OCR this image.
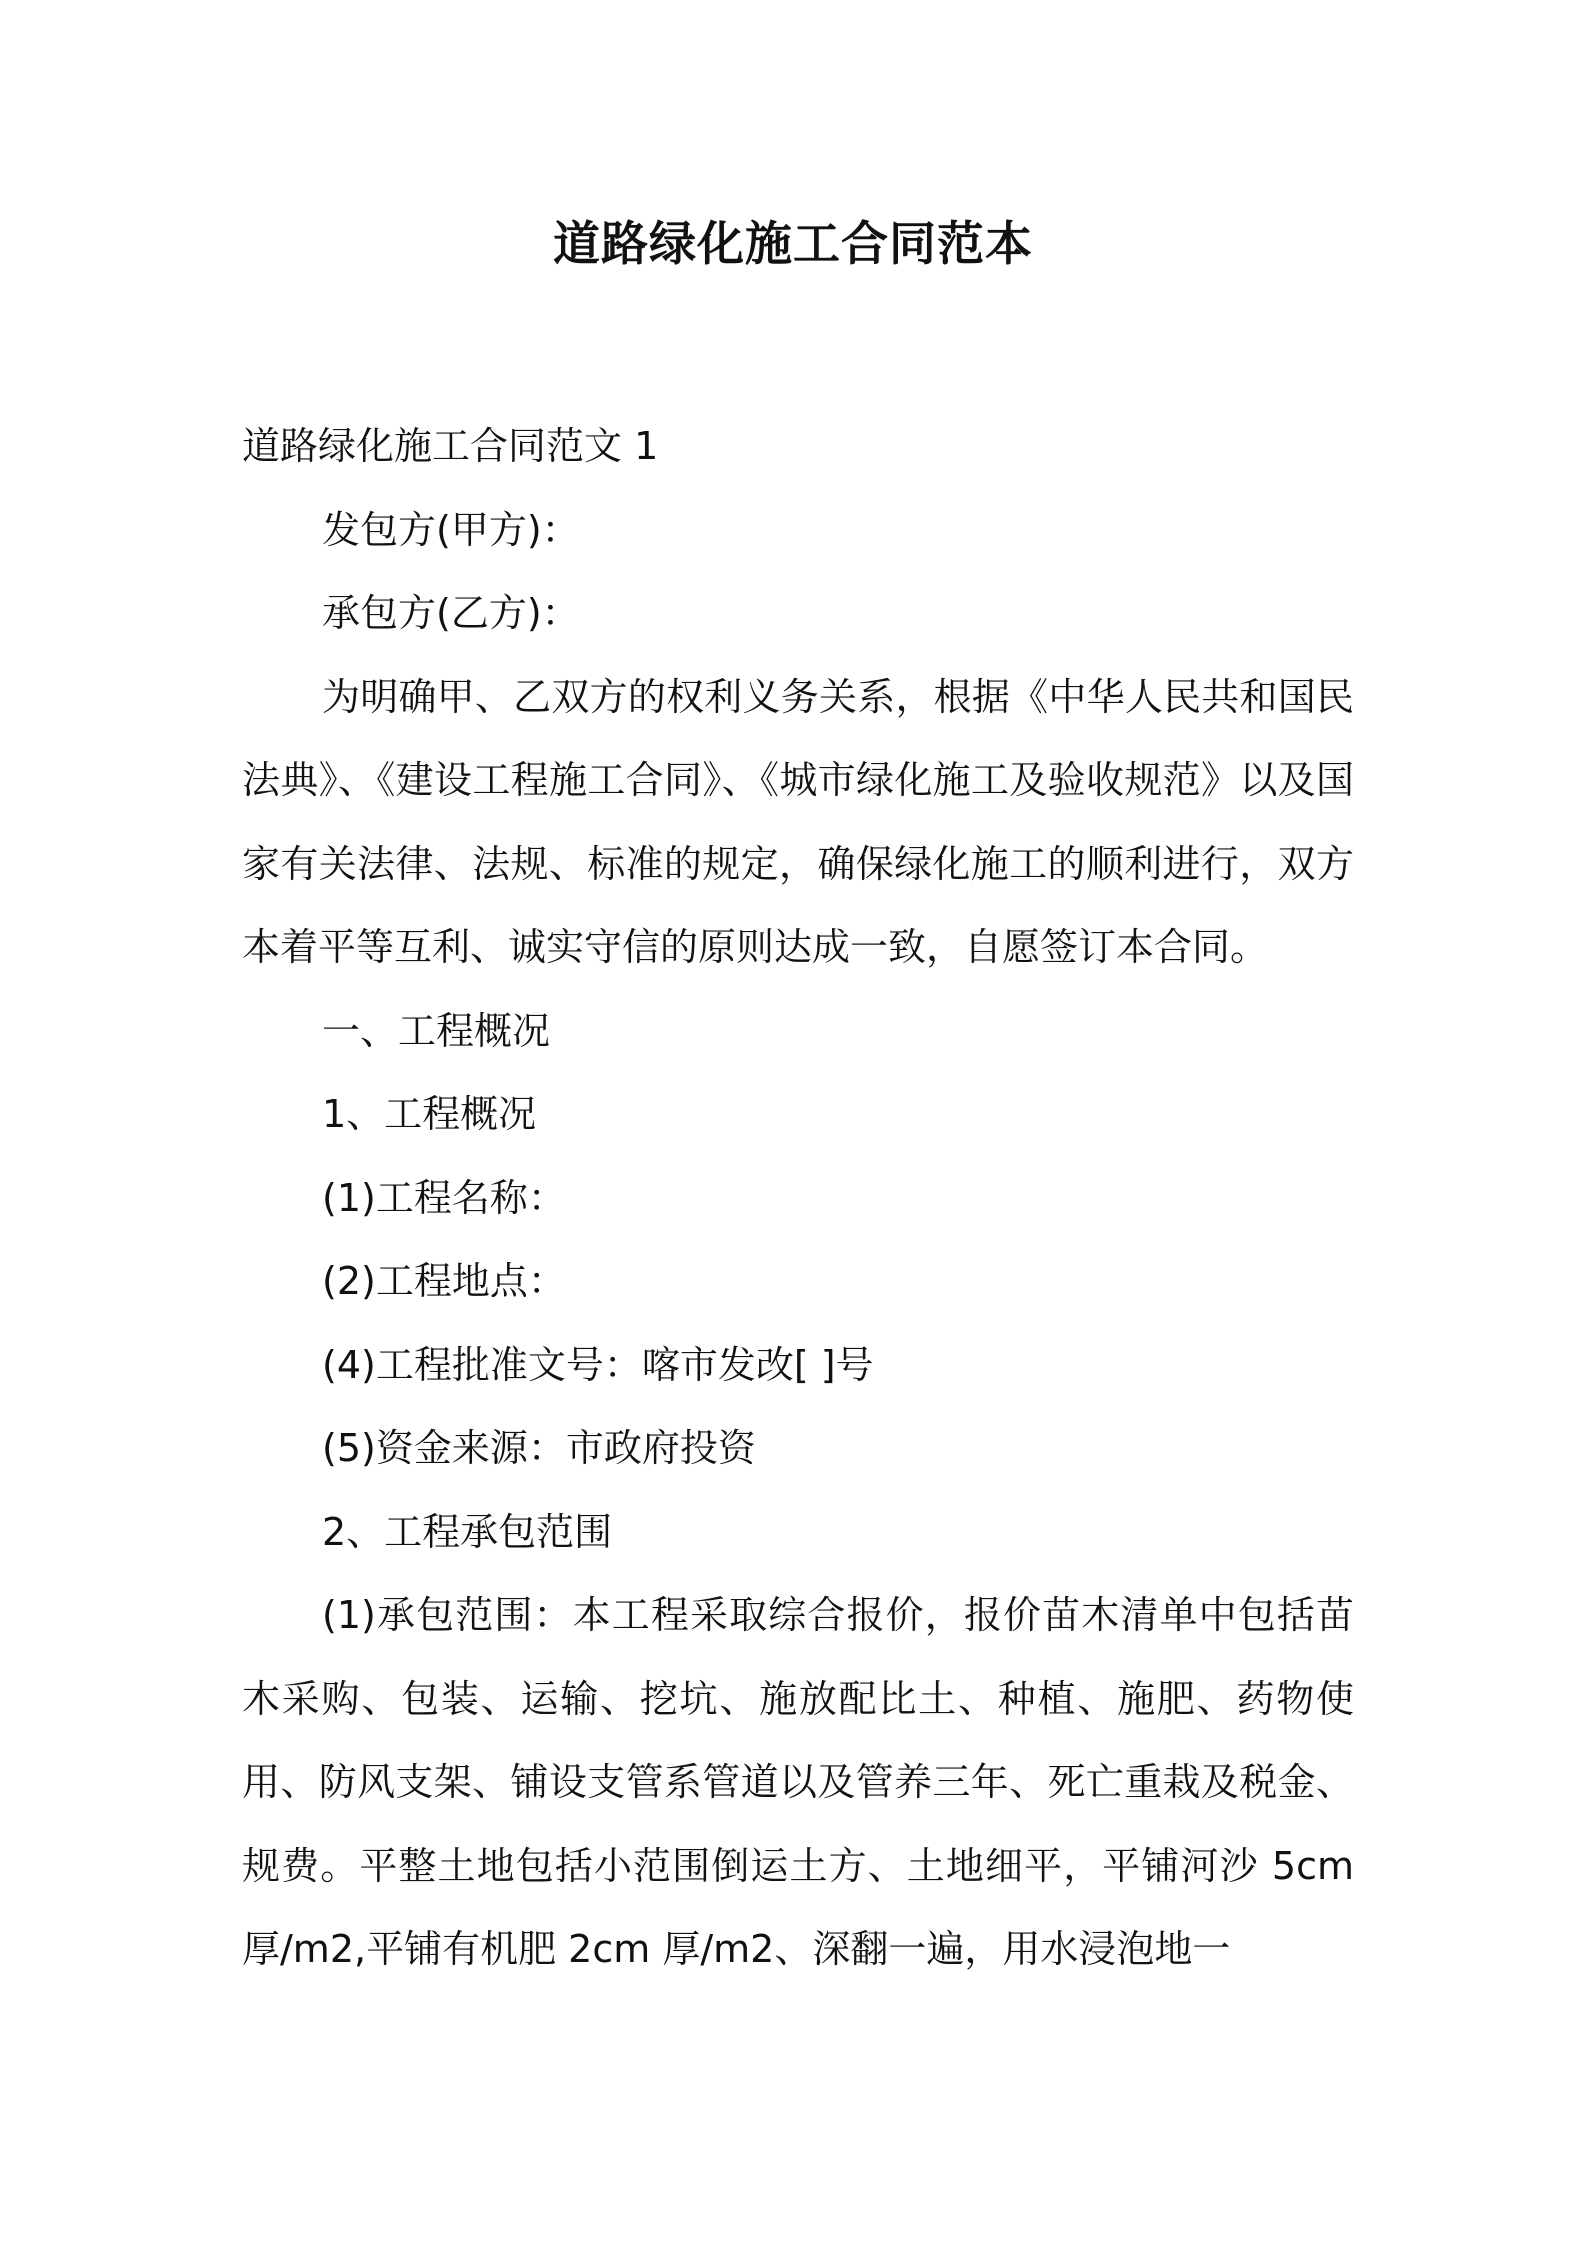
道路绿化施工合同范本

道路绿化施工合同范文 1

发包方(甲方)：

承包方(乙方)：

为明确甲、乙双方的权利义务关系，根据《中华人民共和国民法典》、《建设工程施工合同》、《城市绿化施工及验收规范》以及国家有关法律、法规、标准的规定，确保绿化施工的顺利进行，双方本着平等互利、诚实守信的原则达成一致，自愿签订本合同。

一、工程概况

1、工程概况

(1)工程名称：

(2)工程地点：

(4)工程批准文号：喀市发改[ ]号

(5)资金来源：市政府投资

2、工程承包范围

(1)承包范围：本工程采取综合报价，报价苗木清单中包括苗木采购、包装、运输、挖坑、施放配比土、种植、施肥、药物使用、防风支架、铺设支管系管道以及管养三年、死亡重栽及税金、规费。平整土地包括小范围倒运土方、土地细平，平铺河沙 5cm 厚/m2,平铺有机肥 2cm 厚/m2、深翻一遍，用水浸泡地一
